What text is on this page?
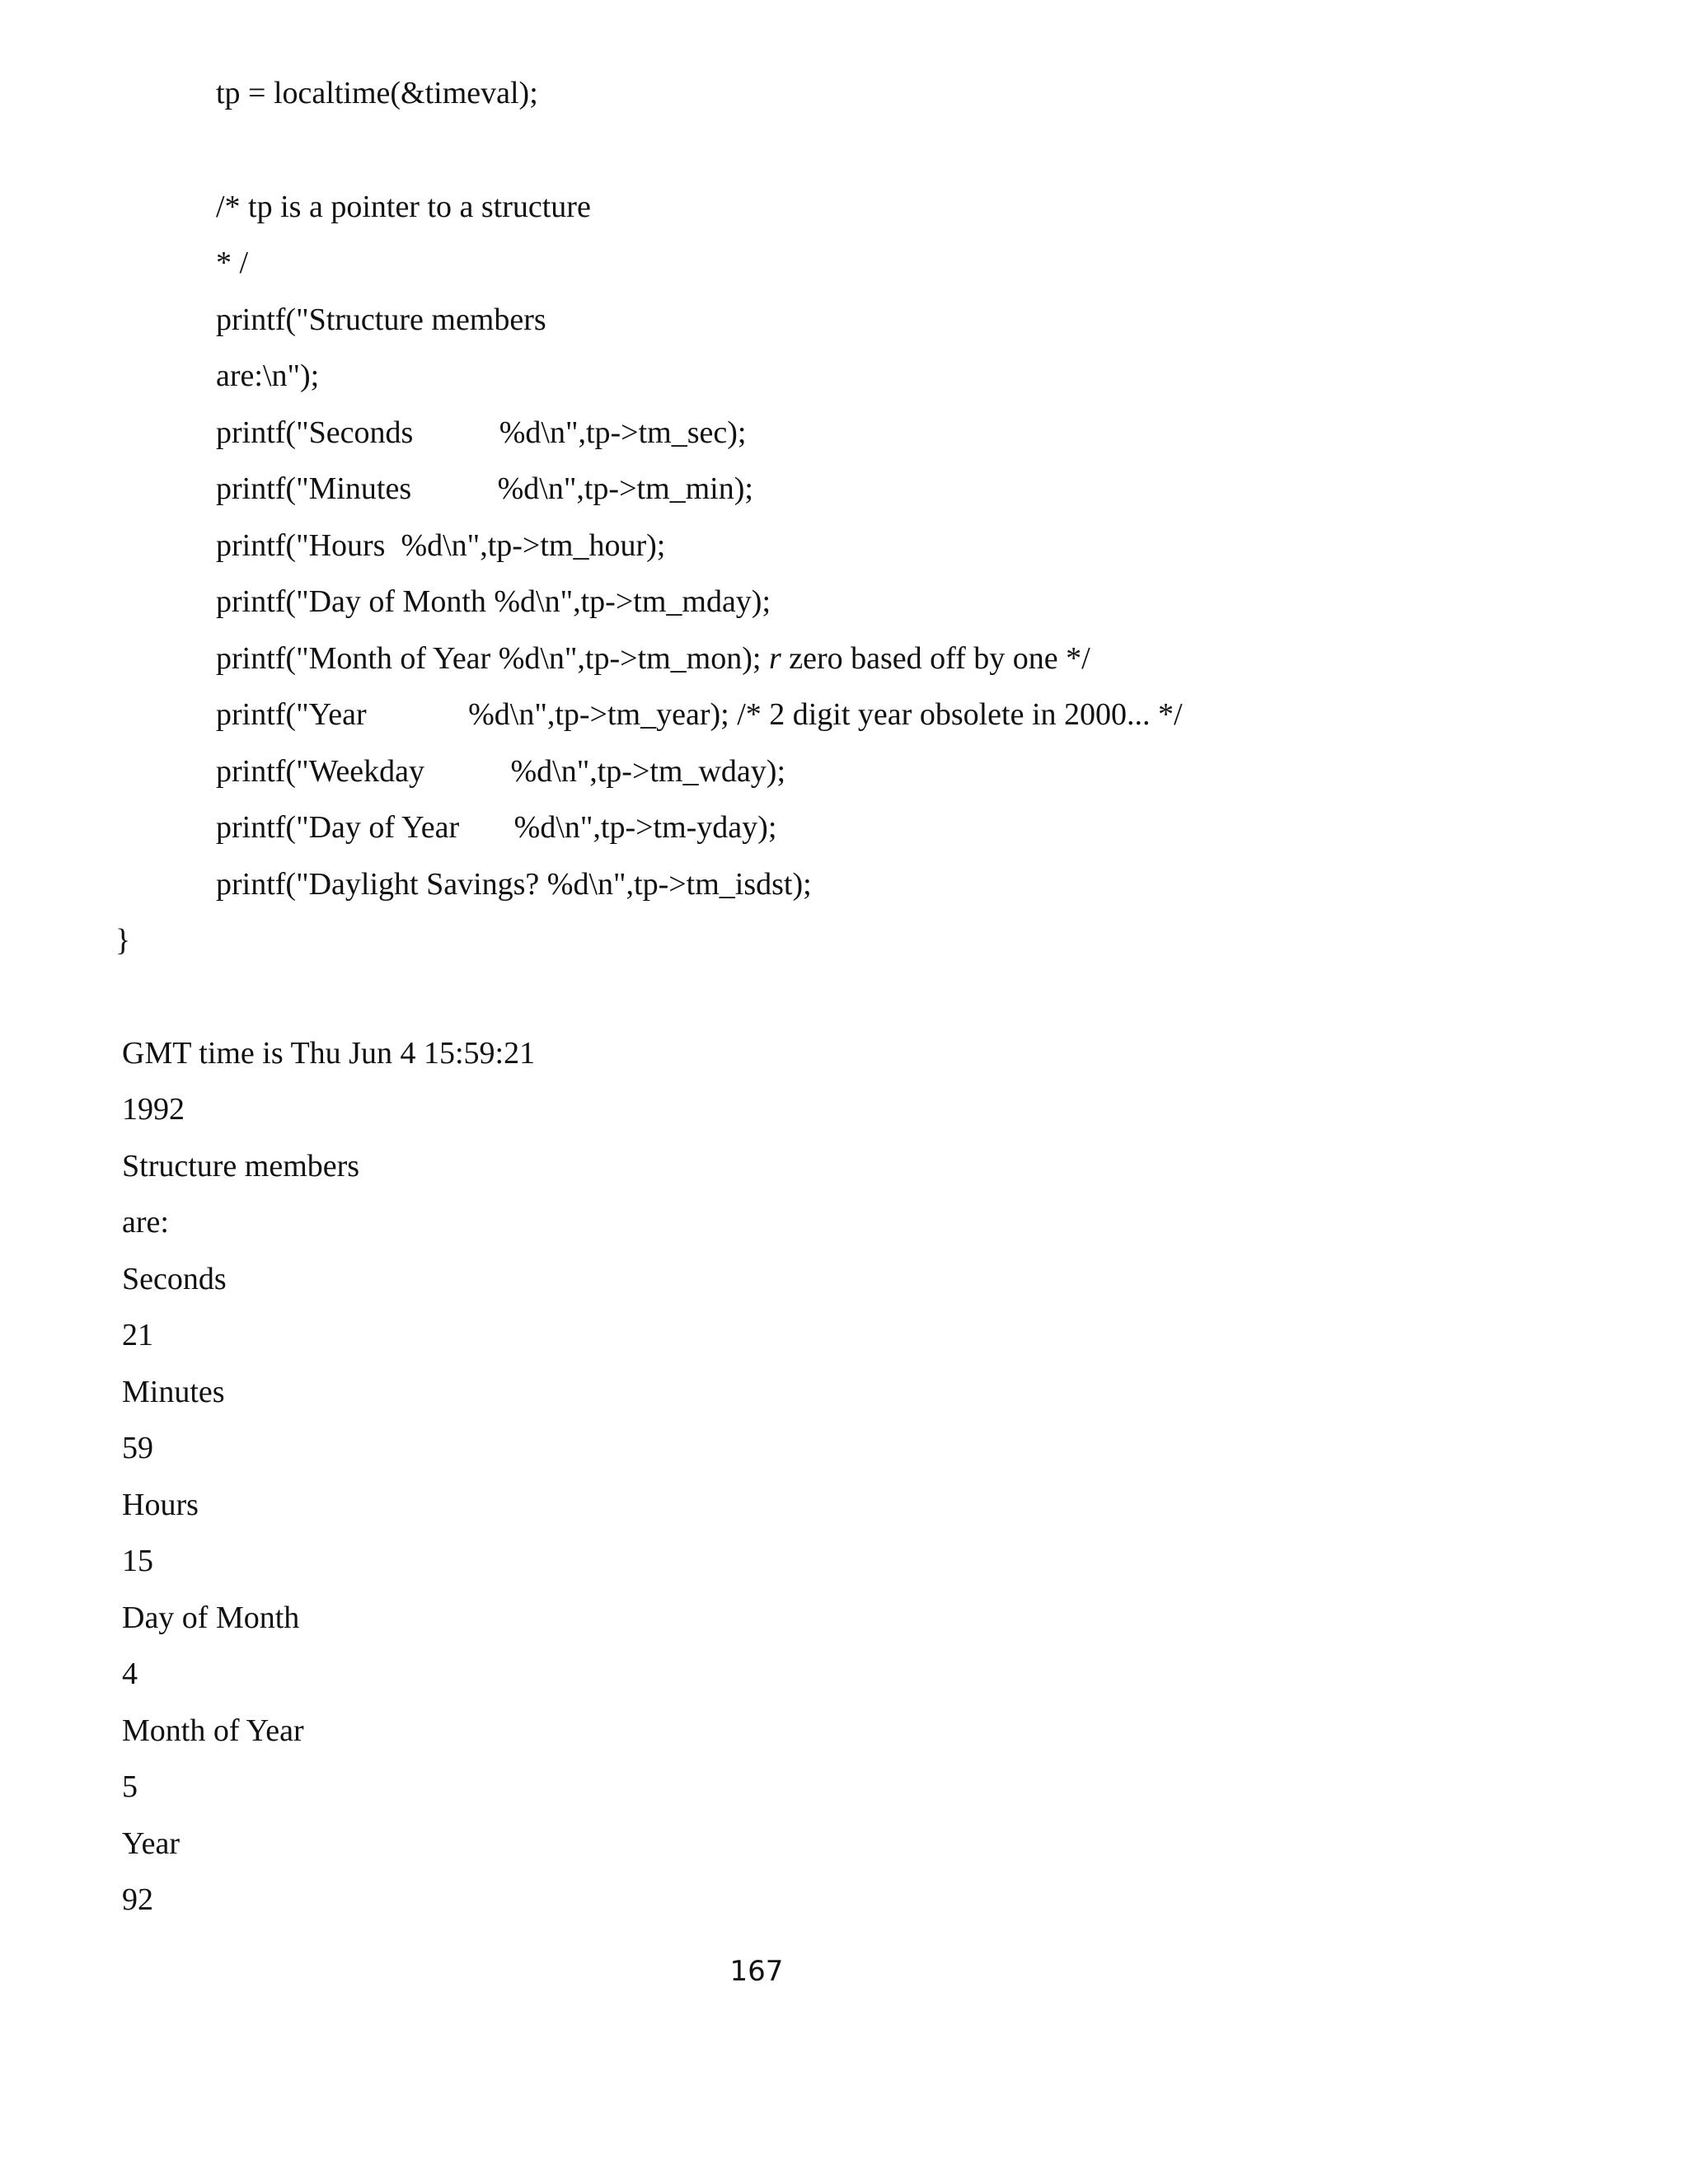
tp = localtime(&timeval);

/* tp is a pointer to a structure

* /

printf("Structure members

are:\n");

printf("Seconds           %d\n",tp->tm_sec);

printf("Minutes           %d\n",tp->tm_min);

printf("Hours  %d\n",tp->tm_hour);

printf("Day of Month %d\n",tp->tm_mday);

printf("Month of Year %d\n",tp->tm_mon); r zero based off by one */

printf("Year             %d\n",tp->tm_year); /* 2 digit year obsolete in 2000... */

printf("Weekday           %d\n",tp->tm_wday);

printf("Day of Year       %d\n",tp->tm-yday);

printf("Daylight Savings? %d\n",tp->tm_isdst);

}

GMT time is Thu Jun 4 15:59:21

1992

Structure members

are:

Seconds

21

Minutes

59

Hours

15

Day of Month

4

Month of Year

5

Year

92

167
